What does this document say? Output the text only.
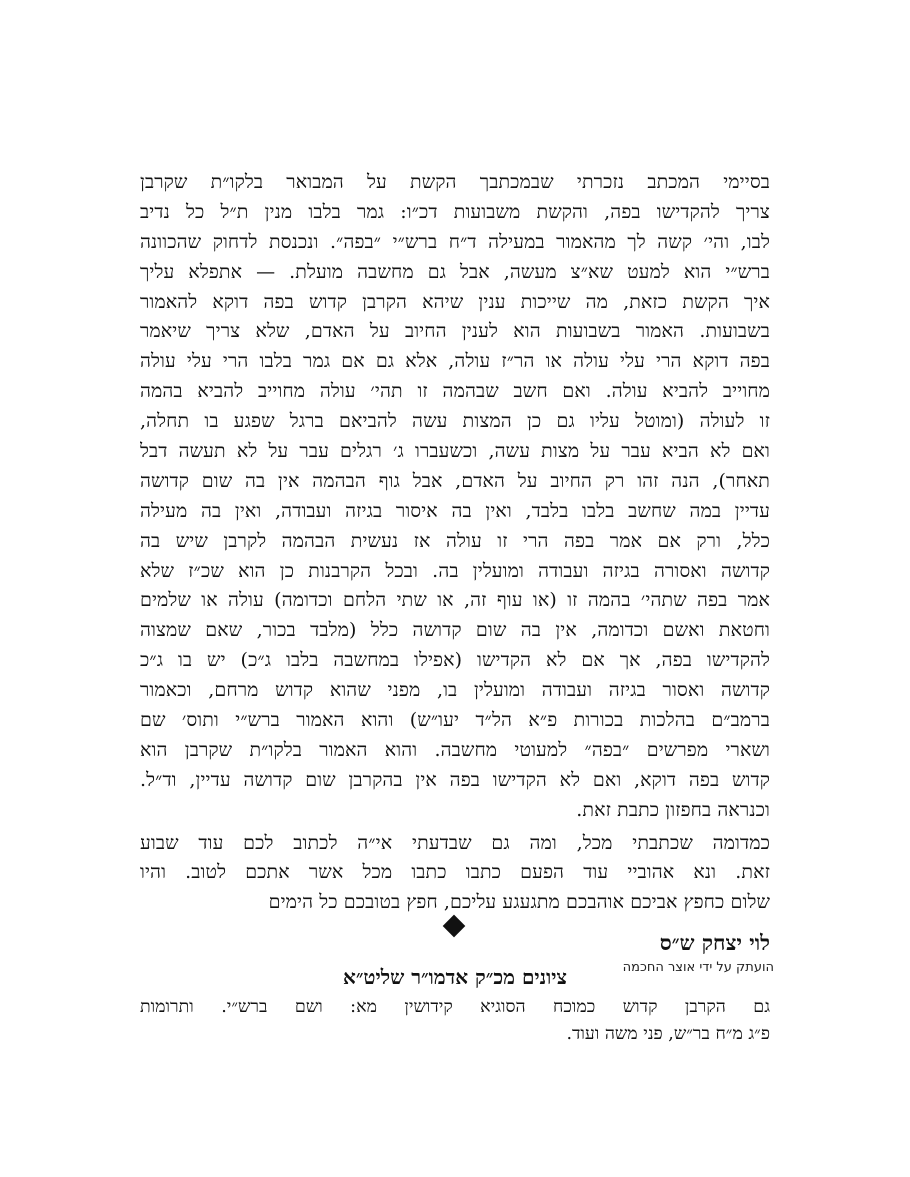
בסיימי המכתב נזכרתי שבמכתבך הקשת על המבואר בלקו״ת שקרבן
צריך להקדישו בפה, והקשת משבועות דכ״ו: גמר בלבו מנין ת״ל כל נדיב
לבו, והי׳ קשה לך מהאמור במעילה ד״ח ברש״י ״בפה״. ונכנסת לדחוק שהכוונה
ברש״י הוא למעט שא״צ מעשה, אבל גם מחשבה מועלת. — אתפלא עליך
איך הקשת כזאת, מה שייכות ענין שיהא הקרבן קדוש בפה דוקא להאמור
בשבועות. האמור בשבועות הוא לענין החיוב על האדם, שלא צריך שיאמר
בפה דוקא הרי עלי עולה או הר״ז עולה, אלא גם אם גמר בלבו הרי עלי עולה
מחוייב להביא עולה. ואם חשב שבהמה זו תהי׳ עולה מחוייב להביא בהמה
זו לעולה (ומוטל עליו גם כן המצות עשה להביאם ברגל שפגע בו תחלה,
ואם לא הביא עבר על מצות עשה, וכשעברו ג׳ רגלים עבר על לא תעשה דבל
תאחר), הנה זהו רק החיוב על האדם, אבל גוף הבהמה אין בה שום קדושה
עדיין במה שחשב בלבו בלבד, ואין בה איסור בגיזה ועבודה, ואין בה מעילה
כלל, ורק אם אמר בפה הרי זו עולה אז נעשית הבהמה לקרבן שיש בה
קדושה ואסורה בגיזה ועבודה ומועלין בה. ובכל הקרבנות כן הוא שכ״ז שלא
אמר בפה שתהי׳ בהמה זו (או עוף זה, או שתי הלחם וכדומה) עולה או שלמים
וחטאת ואשם וכדומה, אין בה שום קדושה כלל (מלבד בכור, שאם שמצוה
להקדישו בפה, אך אם לא הקדישו (אפילו במחשבה בלבו ג״כ) יש בו ג״כ
קדושה ואסור בגיזה ועבודה ומועלין בו, מפני שהוא קדוש מרחם, וכאמור
ברמב״ם בהלכות בכורות פ״א הל״ד יעו״ש) והוא האמור ברש״י ותוס׳ שם
ושארי מפרשים ״בפה״ למעוטי מחשבה. והוא האמור בלקו״ת שקרבן הוא
קדוש בפה דוקא, ואם לא הקדישו בפה אין בהקרבן שום קדושה עדיין, וד״ל.
וכנראה בחפזון כתבת זאת.
כמדומה שכתבתי מכל, ומה גם שבדעתי אי״ה לכתוב לכם עוד שבוע
זאת. ונא אהוביי עוד הפעם כתבו כתבו מכל אשר אתכם לטוב. והיו
שלום כחפץ אביכם אוהבכם מתגעגע עליכם, חפץ בטובכם כל הימים
לוי יצחק ש״ס
ציונים מכ״ק אדמו״ר שליט״א
גם הקרבן קדוש כמוכח הסוגיא קידושין מא: ושם ברש״י. ותרומות
פ״ג מ״ח בר״ש, פני משה ועוד.
הועתק על ידי אוצר החכמה
